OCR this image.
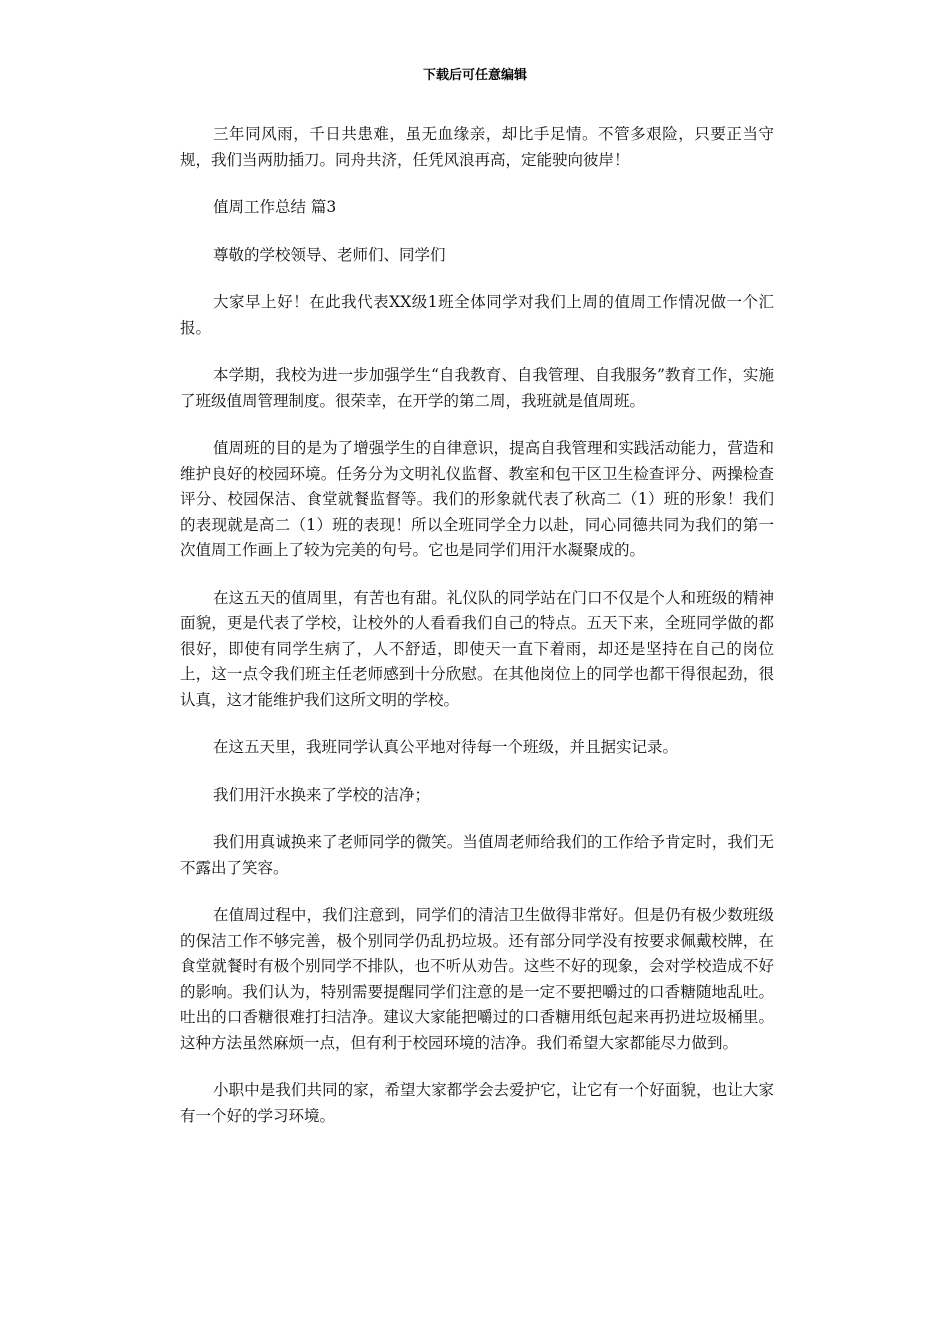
下载后可任意编辑

三年同风雨，千日共患难，虽无血缘亲，却比手足情。不管多艰险，只要正当守规，我们当两肋插刀。同舟共济，任凭风浪再高，定能驶向彼岸！

值周工作总结 篇3

尊敬的学校领导、老师们、同学们

大家早上好！在此我代表XX级1班全体同学对我们上周的值周工作情况做一个汇报。

本学期，我校为进一步加强学生“自我教育、自我管理、自我服务”教育工作，实施了班级值周管理制度。很荣幸，在开学的第二周，我班就是值周班。

值周班的目的是为了增强学生的自律意识，提高自我管理和实践活动能力，营造和维护良好的校园环境。任务分为文明礼仪监督、教室和包干区卫生检查评分、两操检查评分、校园保洁、食堂就餐监督等。我们的形象就代表了秋高二（1）班的形象！我们的表现就是高二（1）班的表现！所以全班同学全力以赴，同心同德共同为我们的第一次值周工作画上了较为完美的句号。它也是同学们用汗水凝聚成的。

在这五天的值周里，有苦也有甜。礼仪队的同学站在门口不仅是个人和班级的精神面貌，更是代表了学校，让校外的人看看我们自己的特点。五天下来，全班同学做的都很好，即使有同学生病了，人不舒适，即使天一直下着雨，却还是坚持在自己的岗位上，这一点令我们班主任老师感到十分欣慰。在其他岗位上的同学也都干得很起劲，很认真，这才能维护我们这所文明的学校。

在这五天里，我班同学认真公平地对待每一个班级，并且据实记录。

我们用汗水换来了学校的洁净；

我们用真诚换来了老师同学的微笑。当值周老师给我们的工作给予肯定时，我们无不露出了笑容。

在值周过程中，我们注意到，同学们的清洁卫生做得非常好。但是仍有极少数班级的保洁工作不够完善，极个别同学仍乱扔垃圾。还有部分同学没有按要求佩戴校牌，在食堂就餐时有极个别同学不排队，也不听从劝告。这些不好的现象，会对学校造成不好的影响。我们认为，特别需要提醒同学们注意的是一定不要把嚼过的口香糖随地乱吐。吐出的口香糖很难打扫洁净。建议大家能把嚼过的口香糖用纸包起来再扔进垃圾桶里。这种方法虽然麻烦一点，但有利于校园环境的洁净。我们希望大家都能尽力做到。

小职中是我们共同的家，希望大家都学会去爱护它，让它有一个好面貌，也让大家有一个好的学习环境。
